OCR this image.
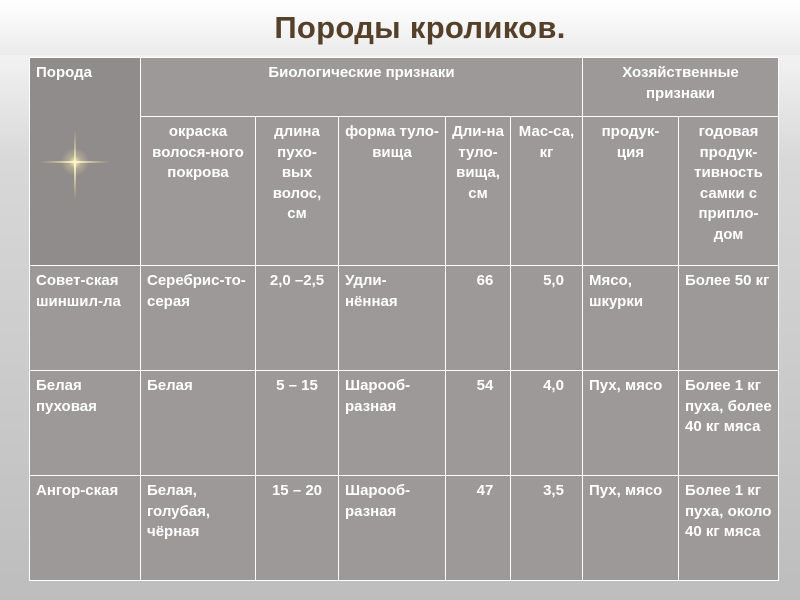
Породы кроликов.
Порода	Биологические признаки					Хозяйственные признаки	
	окраска волося-ного покрова	длина пухо-вых волос, см	форма туло-вища	Дли-на туло-вища, см	Мас-са, кг	продук-ция	годовая продук-тивность самки с припло-дом
Совет-ская шиншил-ла	Серебрис-то-серая	2,0 –2,5	Удли-нённая	66	5,0	Мясо, шкурки	Более 50 кг
Белая пуховая	Белая	5 – 15	Шарооб-разная	54	4,0	Пух, мясо	Более 1 кг пуха, более 40 кг мяса
Ангор-ская	Белая, голубая, чёрная	15 – 20	Шарооб-разная	47	3,5	Пух, мясо	Более 1 кг пуха, около 40 кг мяса
